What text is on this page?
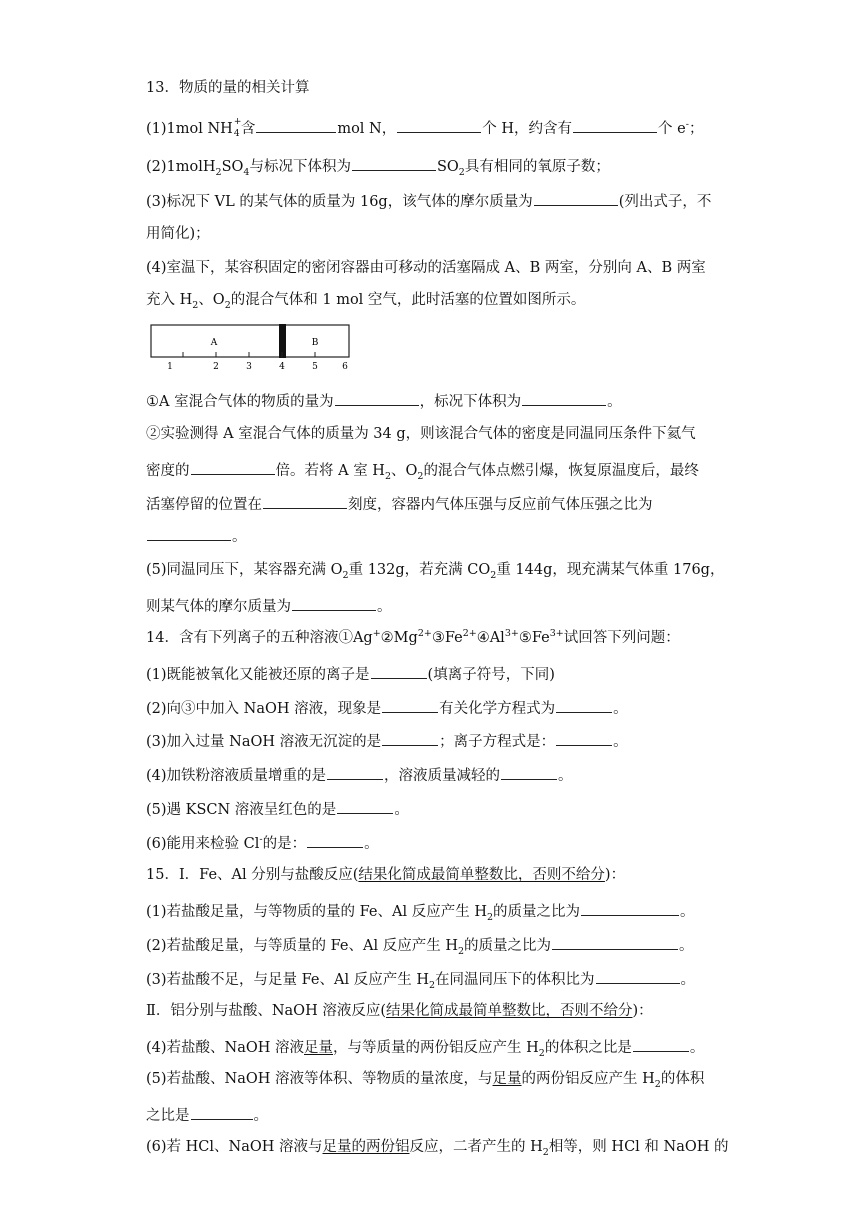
13．物质的量的相关计算
(1)1mol NH +
4 含	mol N，	个 H，约含有	个 e-；
$(2)1molH_2SO_4$与标况下体积为	$SO_2$具有相同的氧原子数；
(3)标况下 VL 的某气体的质量为 16g，该气体的摩尔质量为	(列出式子，不
用简化)；
(4)室温下，某容积固定的密闭容器由可移动的活塞隔成 A、B 两室，分别向 A、B 两室
充入 $H_2$、$O_2$的混合气体和 1 mol 空气，此时活塞的位置如图所示。
A	B
1	2	3	4	5	6
①A 室混合气体的物质的量为	，标况下体积为	。
②实验测得 A 室混合气体的质量为 34 g，则该混合气体的密度是同温同压条件下氦气
密度的	倍。若将 A 室 $H_2$、$O_2$的混合气体点燃引爆，恢复原温度后，最终
活塞停留的位置在	刻度，容器内气体压强与反应前气体压强之比为
。
(5)同温同压下，某容器充满 $O_2$重 132g，若充满 $CO_2$重 144g，现充满某气体重 176g，
则某气体的摩尔质量为	。
14．含有下列离子的五种溶液$①Ag^+②Mg^{2+}③Fe^{2+}④Al^{3+}⑤Fe^{3+}$试回答下列问题：
(1)既能被氧化又能被还原的离子是	(填离子符号，下同)
(2)向③中加入 NaOH 溶液，现象是	有关化学方程式为	。
(3)加入过量 NaOH 溶液无沉淀的是	；离子方程式是：	。
(4)加铁粉溶液质量增重的是	，溶液质量减轻的	。
(5)遇 KSCN 溶液呈红色的是	。
(6)能用来检验 Cl-的是：	。
15．Ⅰ．Fe、Al 分别与盐酸反应(结果化简成最简单整数比，否则不给分)：
(1)若盐酸足量，与等物质的量的 Fe、Al 反应产生 $H_2$的质量之比为	。
(2)若盐酸足量，与等质量的 Fe、Al 反应产生 $H_2$的质量之比为	。
(3)若盐酸不足，与足量 Fe、Al 反应产生 $H_2$在同温同压下的体积比为	。
Ⅱ．铝分别与盐酸、NaOH 溶液反应(结果化简成最简单整数比，否则不给分)：
(4)若盐酸、NaOH 溶液足量，与等质量的两份铝反应产生 $H_2$的体积之比是	。
(5)若盐酸、NaOH 溶液等体积、等物质的量浓度，与足量的两份铝反应产生 $H_2$的体积
之比是	。
(6)若 HCl、NaOH 溶液与足量的两份铝反应，二者产生的 $H_2$相等，则 HCl 和 NaOH 的
